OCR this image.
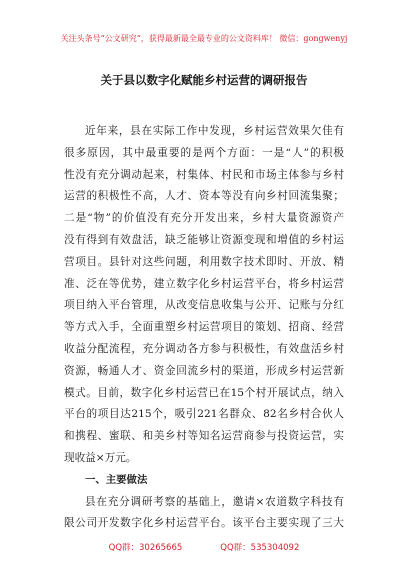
关注头条号“公文研究”，获得最新最全最专业的公文资料库！ 微信：gongwenyj
关于县以数字化赋能乡村运营的调研报告
近年来，县在实际工作中发现，乡村运营效果欠佳有
很多原因，其中最重要的是两个方面：一是“人”的积极
性没有充分调动起来，村集体、村民和市场主体参与乡村
运营的积极性不高，人才、资本等没有向乡村回流集聚；
二是“物”的价值没有充分开发出来，乡村大量资源资产
没有得到有效盘活，缺乏能够让资源变现和增值的乡村运
营项目。县针对这些问题，利用数字技术即时、开放、精
准、泛在等优势，建立数字化乡村运营平台，将乡村运营
项目纳入平台管理，从改变信息收集与公开、记账与分红
等方式入手，全面重塑乡村运营项目的策划、招商、经营
收益分配流程，充分调动各方参与积极性，有效盘活乡村
资源，畅通人才、资金回流乡村的渠道，形成乡村运营新
模式。目前，数字化乡村运营已在15个村开展试点，纳入
平台的项目达215个，吸引221名群众、82名乡村合伙人
和携程、蜜联、和美乡村等知名运营商参与投资运营，实
现收益×万元。
一、主要做法
县在充分调研考察的基础上，邀请×农道数字科技有
限公司开发数字化乡村运营平台。该平台主要实现了三大
QQ群：30265665	QQ群：535304092
